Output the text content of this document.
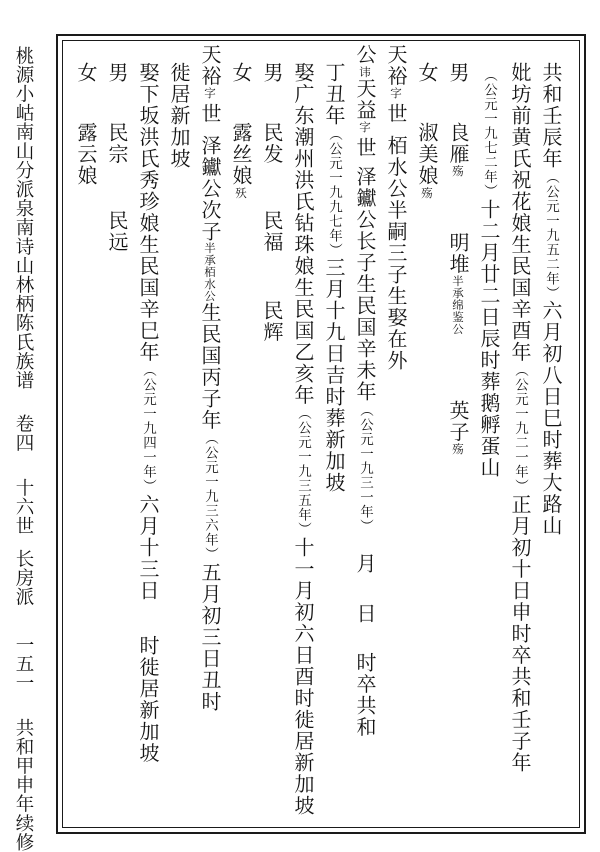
桃源小岵南山分派泉南诗山林柄陈氏族谱卷四十六世长房派一五一共和甲申年续修
共和壬辰年（公元一九五二年）六月初八日巳时葬大路山
妣坊前黄氏祝花娘生民国辛酉年（公元一九二一年）正月初十日申时卒共和壬子年
（公元一九七二年）十二月廿二日辰时葬鹅孵蛋山
男
良雁殇
明堆半承绵鉴公
英子殇
女
淑美娘殇
天裕字世栢水公半嗣三子生娶在外
公讳天益字世泽钀公长子生民国辛未年（公元一九三一年）月日时卒共和
丁丑年（公元一九九七年）三月十九日吉时葬新加坡
娶广东潮州洪氏钻珠娘生民国乙亥年（公元一九三五年）十一月初六日酉时徙居新加坡
男
民发
民福
民辉
女
露丝娘殀
天裕字世泽钀公次子半承栢水公生民国丙子年（公元一九三六年）五月初三日丑时
徙居新加坡
娶下坂洪氏秀珍娘生民国辛巳年（公元一九四一年）六月十三日时徙居新加坡
男
民宗
民远
女
露云娘
